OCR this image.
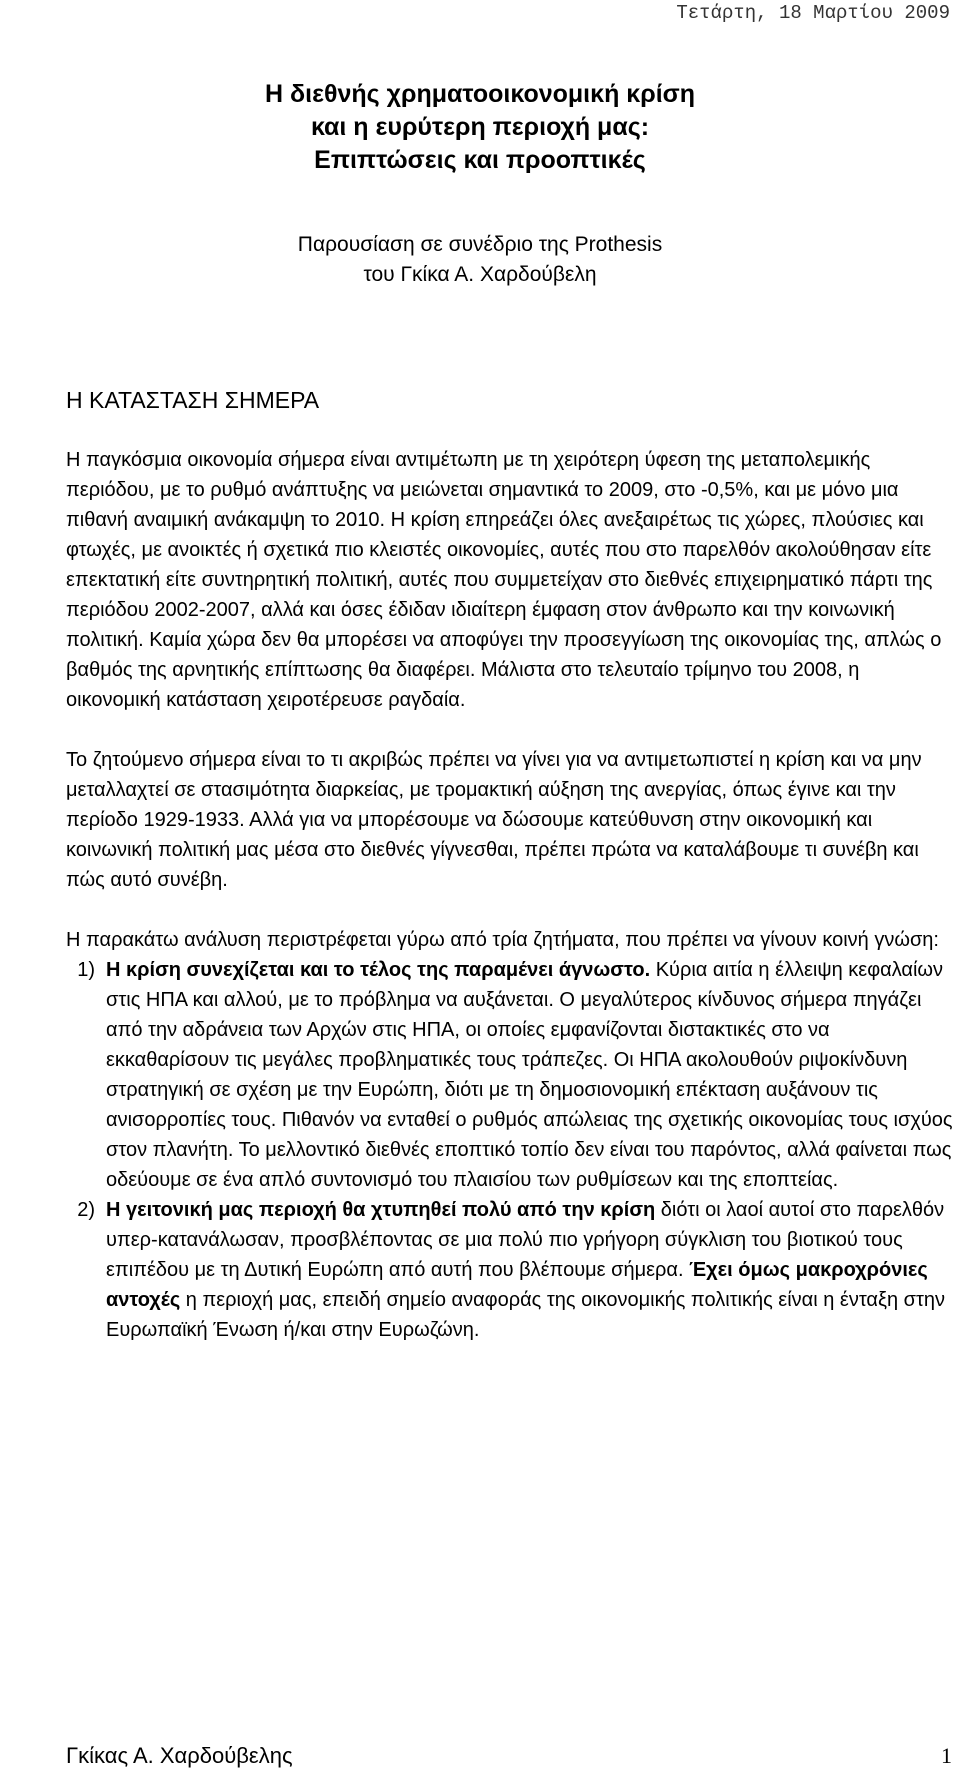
Τετάρτη, 18 Μαρτίου 2009
Η διεθνής χρηματοοικονομική κρίση
και η ευρύτερη περιοχή μας:
Επιπτώσεις και προοπτικές
Παρουσίαση σε συνέδριο της Prothesis
του Γκίκα Α. Χαρδούβελη
Η ΚΑΤΑΣΤΑΣΗ ΣΗΜΕΡΑ

Η παγκόσμια οικονομία σήμερα είναι αντιμέτωπη με τη χειρότερη ύφεση της μεταπολεμικής περιόδου, με το ρυθμό ανάπτυξης να μειώνεται σημαντικά το 2009, στο -0,5%, και με μόνο μια πιθανή αναιμική ανάκαμψη το 2010. Η κρίση επηρεάζει όλες ανεξαιρέτως τις χώρες, πλούσιες και φτωχές, με ανοικτές ή σχετικά πιο κλειστές οικονομίες, αυτές που στο παρελθόν ακολούθησαν είτε επεκτατική είτε συντηρητική πολιτική, αυτές που συμμετείχαν στο διεθνές επιχειρηματικό πάρτι της περιόδου 2002-2007, αλλά και όσες έδιδαν ιδιαίτερη έμφαση στον άνθρωπο και την κοινωνική πολιτική. Καμία χώρα δεν θα μπορέσει να αποφύγει την προσεγγίωση της οικονομίας της, απλώς ο βαθμός της αρνητικής επίπτωσης θα διαφέρει. Μάλιστα στο τελευταίο τρίμηνο του 2008, η οικονομική κατάσταση χειροτέρευσε ραγδαία.

Το ζητούμενο σήμερα είναι το τι ακριβώς πρέπει να γίνει για να αντιμετωπιστεί η κρίση και να μην μεταλλαχτεί σε στασιμότητα διαρκείας, με τρομακτική αύξηση της ανεργίας, όπως έγινε και την περίοδο 1929-1933. Αλλά για να μπορέσουμε να δώσουμε κατεύθυνση στην οικονομική και κοινωνική πολιτική μας μέσα στο διεθνές γίγνεσθαι, πρέπει πρώτα να καταλάβουμε τι συνέβη και πώς αυτό συνέβη.

Η παρακάτω ανάλυση περιστρέφεται γύρω από τρία ζητήματα, που πρέπει να γίνουν κοινή γνώση:

1) Η κρίση συνεχίζεται και το τέλος της παραμένει άγνωστο. Κύρια αιτία η έλλειψη κεφαλαίων στις ΗΠΑ και αλλού, με το πρόβλημα να αυξάνεται. Ο μεγαλύτερος κίνδυνος σήμερα πηγάζει από την αδράνεια των Αρχών στις ΗΠΑ, οι οποίες εμφανίζονται διστακτικές στο να εκκαθαρίσουν τις μεγάλες προβληματικές τους τράπεζες. Οι ΗΠΑ ακολουθούν ριψοκίνδυνη στρατηγική σε σχέση με την Ευρώπη, διότι με τη δημοσιονομική επέκταση αυξάνουν τις ανισορροπίες τους. Πιθανόν να ενταθεί ο ρυθμός απώλειας της σχετικής οικονομίας τους ισχύος στον πλανήτη. Το μελλοντικό διεθνές εποπτικό τοπίο δεν είναι του παρόντος, αλλά φαίνεται πως οδεύουμε σε ένα απλό συντονισμό του πλαισίου των ρυθμίσεων και της εποπτείας.
2) Η γειτονική μας περιοχή θα χτυπηθεί πολύ από την κρίση διότι οι λαοί αυτοί στο παρελθόν υπερ-κατανάλωσαν, προσβλέποντας σε μια πολύ πιο γρήγορη σύγκλιση του βιοτικού τους επιπέδου με τη Δυτική Ευρώπη από αυτή που βλέπουμε σήμερα. Έχει όμως μακροχρόνιες αντοχές η περιοχή μας, επειδή σημείο αναφοράς της οικονομικής πολιτικής είναι η ένταξη στην Ευρωπαϊκή Ένωση ή/και στην Ευρωζώνη.
Γκίκας Α. Χαρδούβελης	1
